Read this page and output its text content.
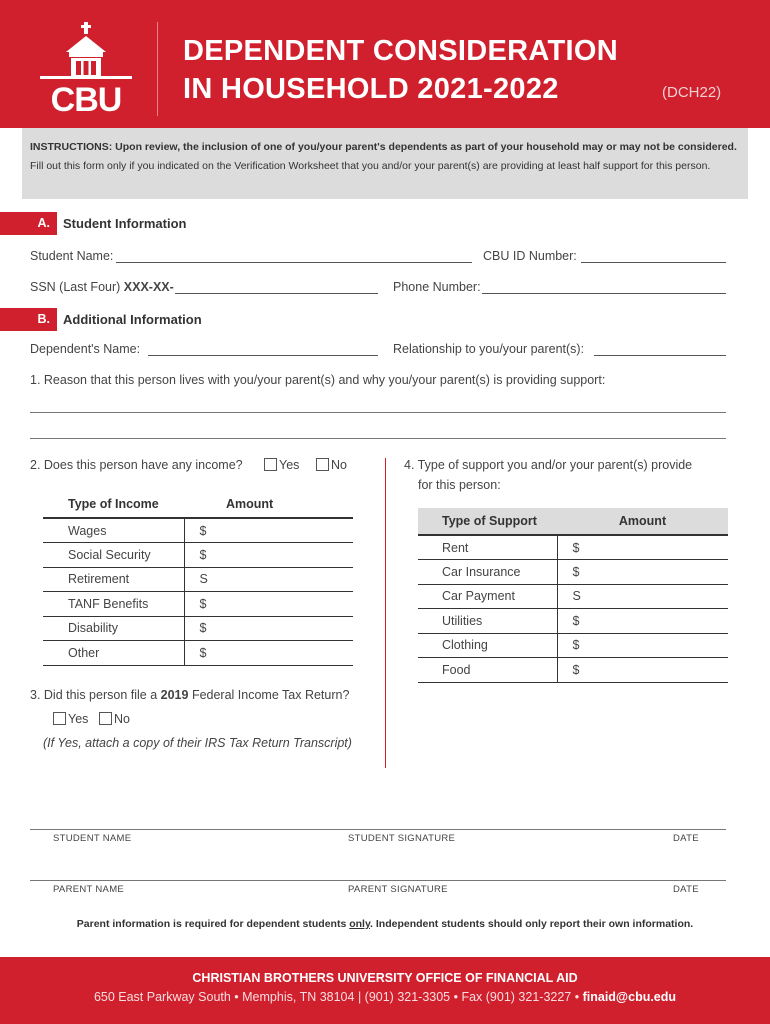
CBU
DEPENDENT CONSIDERATION
IN HOUSEHOLD 2021-2022	(DCH22)
INSTRUCTIONS: Upon review, the inclusion of one of you/your parent's dependents as part of your household may or may not be considered. Fill out this form only if you indicated on the Verification Worksheet that you and/or your parent(s) are providing at least half support for this person.
A.	Student Information
Student Name:	CBU ID Number:
SSN (Last Four) XXX-XX-	Phone Number:
B.	Additional Information
Dependent's Name:	Relationship to you/your parent(s):
1. Reason that this person lives with you/your parent(s) and why you/your parent(s) is providing support:
2. Does this person have any income?	Yes	No
Type of Income	Amount
Wages	$
Social Security	$
Retirement	S
TANF Benefits	$
Disability	$
Other	$
3. Did this person file a 2019 Federal Income Tax Return?
Yes	No
(If Yes, attach a copy of their IRS Tax Return Transcript)
4. Type of support you and/or your parent(s) provide
for this person:
Type of Support	Amount
Rent	$
Car Insurance	$
Car Payment	S
Utilities	$
Clothing	$
Food	$
STUDENT NAME	STUDENT SIGNATURE	DATE
PARENT NAME	PARENT SIGNATURE	DATE
Parent information is required for dependent students only. Independent students should only report their own information.
CHRISTIAN BROTHERS UNIVERSITY OFFICE OF FINANCIAL AID
650 East Parkway South • Memphis, TN 38104 | (901) 321-3305 • Fax (901) 321-3227 • finaid@cbu.edu
